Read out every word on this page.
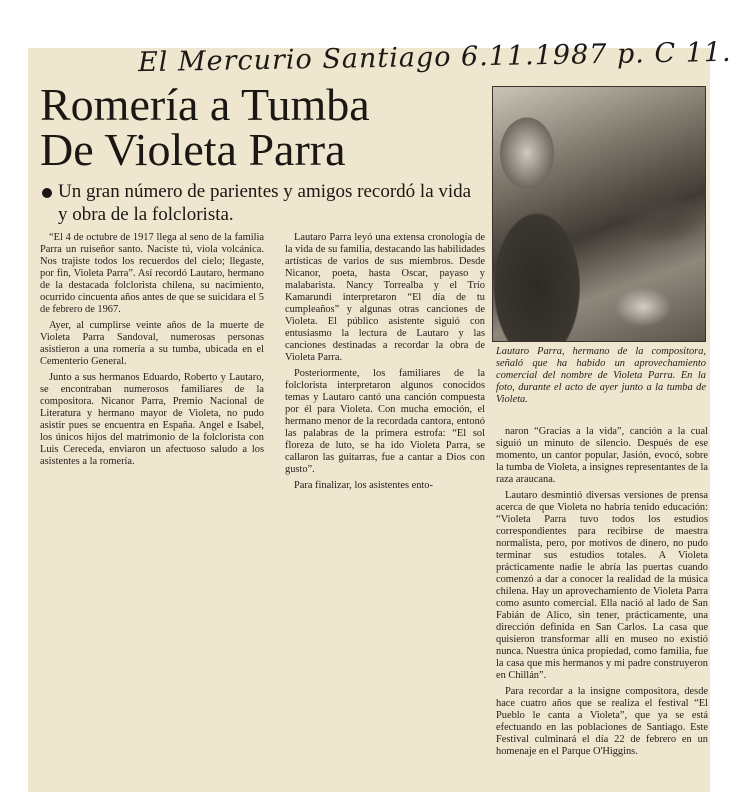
El Mercurio Santiago 6.11.1987 p. C 11.
Romería a Tumba
De Violeta Parra
Un gran número de parientes y amigos recordó la vida y obra de la folclorista.

“El 4 de octubre de 1917 llega al seno de la familia Parra un ruiseñor santo. Naciste tú, viola volcánica. Nos trajiste todos los recuerdos del cielo; llegaste, por fin, Violeta Parra”. Así recordó Lautaro, hermano de la destacada folclorista chilena, su nacimiento, ocurrido cincuenta años antes de que se suicidara el 5 de febrero de 1967.

Ayer, al cumplirse veinte años de la muerte de Violeta Parra Sandoval, numerosas personas asistieron a una romería a su tumba, ubicada en el Cementerio General.

Junto a sus hermanos Eduardo, Roberto y Lautaro, se encontraban numerosos familiares de la compositora. Nicanor Parra, Premio Nacional de Literatura y hermano mayor de Violeta, no pudo asistir pues se encuentra en España. Angel e Isabel, los únicos hijos del matrimonio de la folclorista con Luis Cereceda, enviaron un afectuoso saludo a los asistentes a la romería.

Lautaro Parra leyó una extensa cronología de la vida de su familia, destacando las habilidades artísticas de varios de sus miembros. Desde Nicanor, poeta, hasta Oscar, payaso y malabarista. Nancy Torrealba y el Trío Kamarundi interpretaron “El día de tu cumpleaños” y algunas otras canciones de Violeta. El público asistente siguió con entusiasmo la lectura de Lautaro y las canciones destinadas a recordar la obra de Violeta Parra.

Posteriormente, los familiares de la folclorista interpretaron algunos conocidos temas y Lautaro cantó una canción compuesta por él para Violeta. Con mucha emoción, el hermano menor de la recordada cantora, entonó las palabras de la primera estrofa: “El sol floreza de luto, se ha ido Violeta Parra, se callaron las guitarras, fue a cantar a Dios con gusto”.

Para finalizar, los asistentes ento-

Lautaro Parra, hermano de la compositora, señaló que ha habido un aprovechamiento comercial del nombre de Violeta Parra. En la foto, durante el acto de ayer junto a la tumba de Violeta.

naron “Gracias a la vida”, canción a la cual siguió un minuto de silencio. Después de ese momento, un cantor popular, Jasión, evocó, sobre la tumba de Violeta, a insignes representantes de la raza araucana.

Lautaro desmintió diversas versiones de prensa acerca de que Violeta no habría tenido educación: “Violeta Parra tuvo todos los estudios correspondientes para recibirse de maestra normalista, pero, por motivos de dinero, no pudo terminar sus estudios totales. A Violeta prácticamente nadie le abría las puertas cuando comenzó a dar a conocer la realidad de la música chilena. Hay un aprovechamiento de Violeta Parra como asunto comercial. Ella nació al lado de San Fabián de Alico, sin tener, prácticamente, una dirección definida en San Carlos. La casa que quisieron transformar allí en museo no existió nunca. Nuestra única propiedad, como familia, fue la casa que mis hermanos y mi padre construyeron en Chillán”.

Para recordar a la insigne compositora, desde hace cuatro años que se realiza el festival “El Pueblo le canta a Violeta”, que ya se está efectuando en las poblaciones de Santiago. Este Festival culminará el día 22 de febrero en un homenaje en el Parque O'Higgins.
